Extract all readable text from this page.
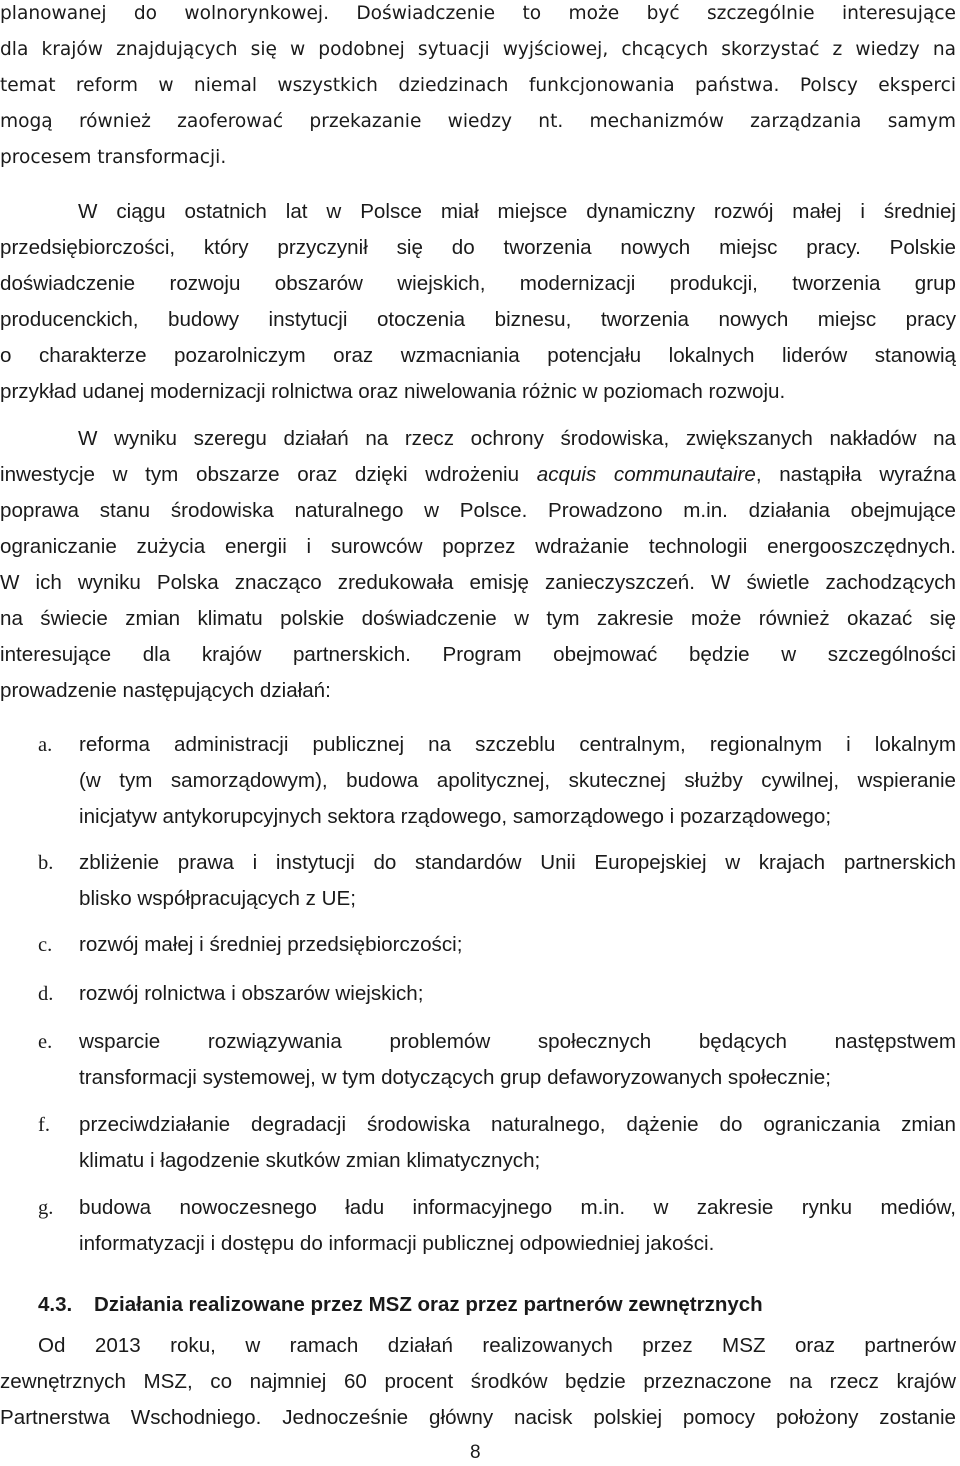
planowanej do wolnorynkowej. Doświadczenie to może być szczególnie interesujące
dla krajów znajdujących się w podobnej sytuacji wyjściowej, chcących skorzystać z wiedzy na
temat reform w niemal wszystkich dziedzinach funkcjonowania państwa. Polscy eksperci
mogą również zaoferować przekazanie wiedzy nt. mechanizmów zarządzania samym
procesem transformacji.
W ciągu ostatnich lat w Polsce miał miejsce dynamiczny rozwój małej i średniej
przedsiębiorczości, który przyczynił się do tworzenia nowych miejsc pracy. Polskie
doświadczenie rozwoju obszarów wiejskich, modernizacji produkcji, tworzenia grup
producenckich, budowy instytucji otoczenia biznesu, tworzenia nowych miejsc pracy
o charakterze pozarolniczym oraz wzmacniania potencjału lokalnych liderów stanowią
przykład udanej modernizacji rolnictwa oraz niwelowania różnic w poziomach rozwoju.
W wyniku szeregu działań na rzecz ochrony środowiska, zwiększanych nakładów na
inwestycje w tym obszarze oraz dzięki wdrożeniu acquis communautaire, nastąpiła wyraźna
poprawa stanu środowiska naturalnego w Polsce. Prowadzono m.in. działania obejmujące
ograniczanie zużycia energii i surowców poprzez wdrażanie technologii energooszczędnych.
W ich wyniku Polska znacząco zredukowała emisję zanieczyszczeń. W świetle zachodzących
na świecie zmian klimatu polskie doświadczenie w tym zakresie może również okazać się
interesujące dla krajów partnerskich. Program obejmować będzie w szczególności
prowadzenie następujących działań:
a. reforma administracji publicznej na szczeblu centralnym, regionalnym i lokalnym
(w tym samorządowym), budowa apolitycznej, skutecznej służby cywilnej, wspieranie
inicjatyw antykorupcyjnych sektora rządowego, samorządowego i pozarządowego;
b. zbliżenie prawa i instytucji do standardów Unii Europejskiej w krajach partnerskich
blisko współpracujących z UE;
c. rozwój małej i średniej przedsiębiorczości;
d. rozwój rolnictwa i obszarów wiejskich;
e. wsparcie rozwiązywania problemów społecznych będących następstwem
transformacji systemowej, w tym dotyczących grup defaworyzowanych społecznie;
f. przeciwdziałanie degradacji środowiska naturalnego, dążenie do ograniczania zmian
klimatu i łagodzenie skutków zmian klimatycznych;
g. budowa nowoczesnego ładu informacyjnego m.in. w zakresie rynku mediów,
informatyzacji i dostępu do informacji publicznej odpowiedniej jakości.
4.3. Działania realizowane przez MSZ oraz przez partnerów zewnętrznych
Od 2013 roku, w ramach działań realizowanych przez MSZ oraz partnerów
zewnętrznych MSZ, co najmniej 60 procent środków będzie przeznaczone na rzecz krajów
Partnerstwa Wschodniego. Jednocześnie główny nacisk polskiej pomocy położony zostanie
8
